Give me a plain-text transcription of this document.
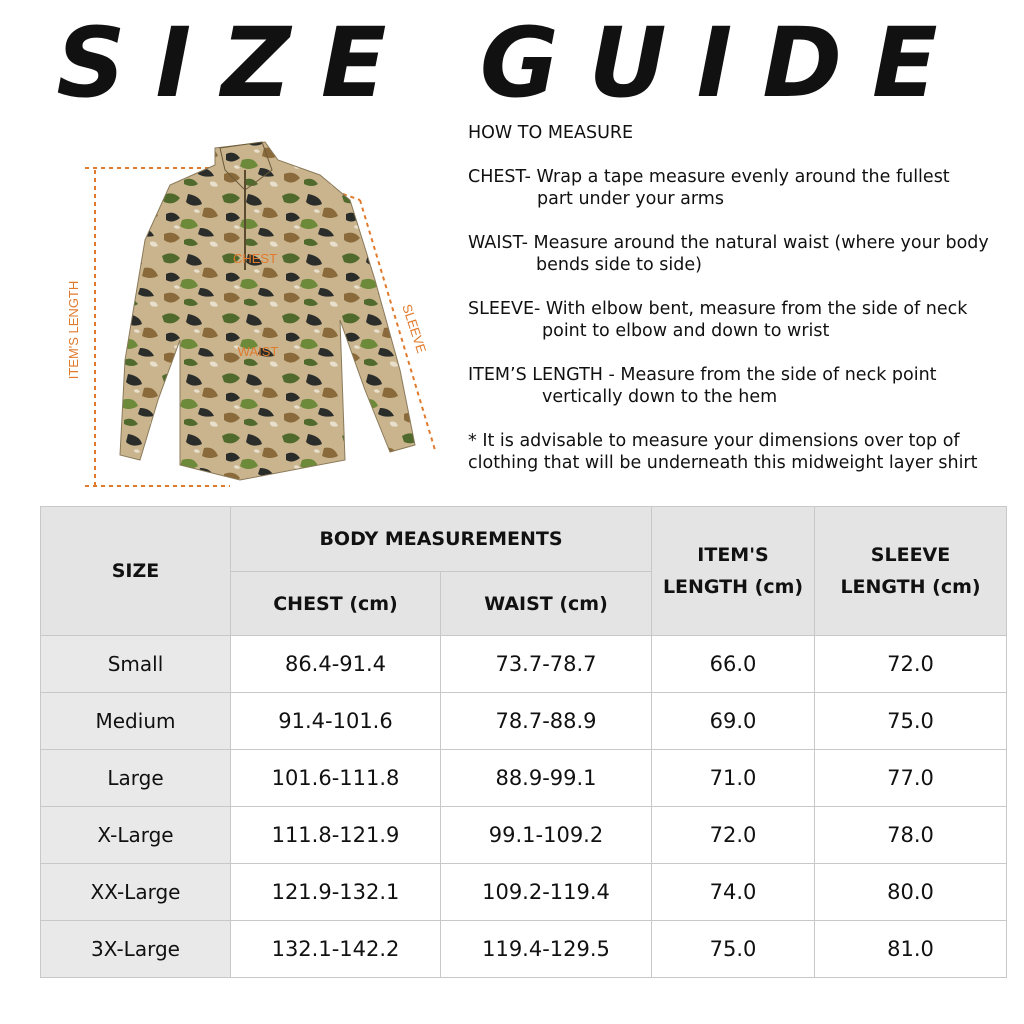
SIZE GUIDE
ITEM'S LENGTH	SLEEVE
CHEST
WAIST

HOW TO MEASURE

CHEST- Wrap a tape measure evenly around the fullest
part under your arms

WAIST- Measure around the natural waist (where your body
bends side to side)

SLEEVE- With elbow bent, measure from the side of neck
point to elbow and down to wrist

ITEM’S LENGTH - Measure from the side of neck point
vertically down to the hem

* It is advisable to measure your dimensions over top of
clothing that will be underneath this midweight layer shirt

SIZE	BODY MEASUREMENTS		ITEM'S
LENGTH (cm)	SLEEVE
LENGTH (cm)
	CHEST (cm)	WAIST (cm)		
Small	86.4-91.4	73.7-78.7	66.0	72.0
Medium	91.4-101.6	78.7-88.9	69.0	75.0
Large	101.6-111.8	88.9-99.1	71.0	77.0
X-Large	111.8-121.9	99.1-109.2	72.0	78.0
XX-Large	121.9-132.1	109.2-119.4	74.0	80.0
3X-Large	132.1-142.2	119.4-129.5	75.0	81.0
